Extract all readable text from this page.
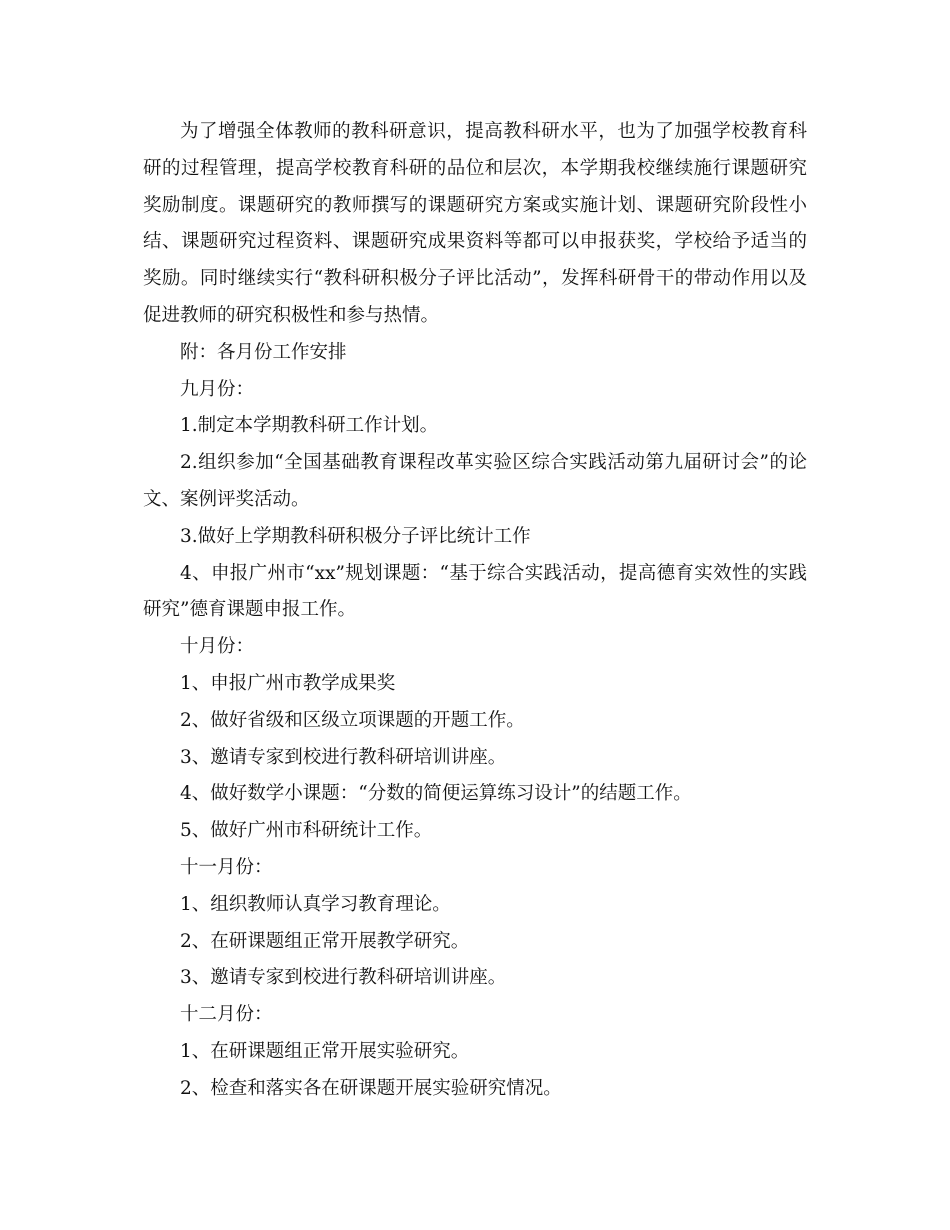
为了增强全体教师的教科研意识，提高教科研水平，也为了加强学校教育科研的过程管理，提高学校教育科研的品位和层次，本学期我校继续施行课题研究奖励制度。课题研究的教师撰写的课题研究方案或实施计划、课题研究阶段性小结、课题研究过程资料、课题研究成果资料等都可以申报获奖，学校给予适当的奖励。同时继续实行“教科研积极分子评比活动”，发挥科研骨干的带动作用以及促进教师的研究积极性和参与热情。

附：各月份工作安排

九月份：

1.制定本学期教科研工作计划。

2.组织参加“全国基础教育课程改革实验区综合实践活动第九届研讨会”的论文、案例评奖活动。

3.做好上学期教科研积极分子评比统计工作

4、申报广州市“xx”规划课题：“基于综合实践活动，提高德育实效性的实践研究”德育课题申报工作。

十月份：

1、申报广州市教学成果奖

2、做好省级和区级立项课题的开题工作。

3、邀请专家到校进行教科研培训讲座。

4、做好数学小课题：“分数的简便运算练习设计”的结题工作。

5、做好广州市科研统计工作。

十一月份：

1、组织教师认真学习教育理论。

2、在研课题组正常开展教学研究。

3、邀请专家到校进行教科研培训讲座。

十二月份：

1、在研课题组正常开展实验研究。

2、检查和落实各在研课题开展实验研究情况。
